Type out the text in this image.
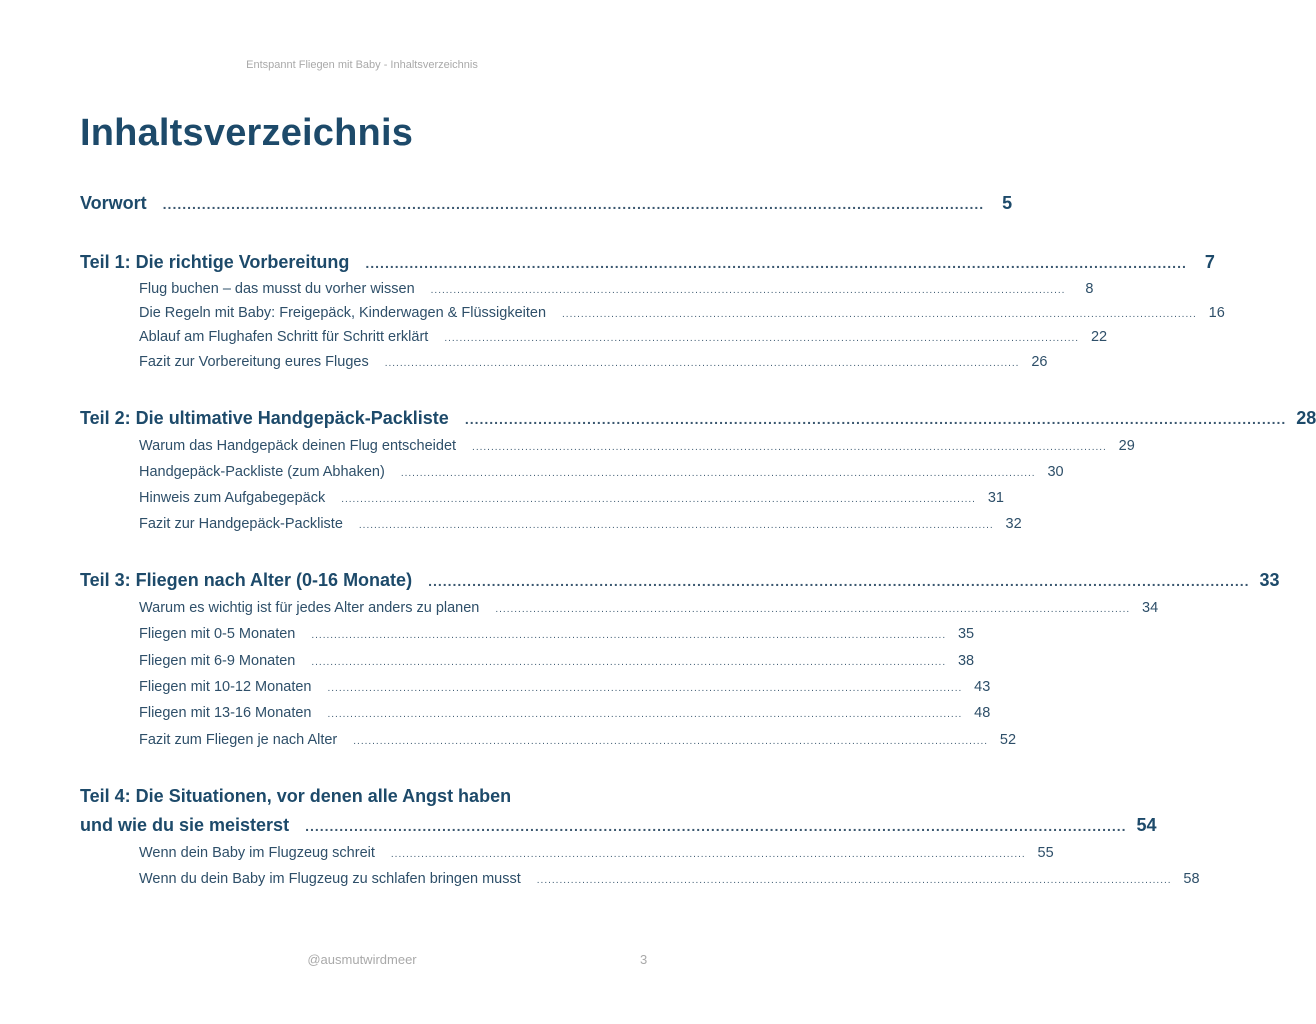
Entspannt Fliegen mit Baby - Inhaltsverzeichnis
Inhaltsverzeichnis
Vorwort ........................................................................................................................................................................ 5
Teil 1: Die richtige Vorbereitung ........................................................................................................................................................................ 7
Flug buchen – das musst du vorher wissen ........................................................................................................................................................................	8
Die Regeln mit Baby: Freigepäck, Kinderwagen & Flüssigkeiten ........................................................................................................................................................................ 16
Ablauf am Flughafen Schritt für Schritt erklärt ........................................................................................................................................................................ 22
Fazit zur Vorbereitung eures Fluges ........................................................................................................................................................................ 26
Teil 2: Die ultimative Handgepäck-Packliste ........................................................................................................................................................................ 28
Warum das Handgepäck deinen Flug entscheidet ........................................................................................................................................................................ 29
Handgepäck-Packliste (zum Abhaken) ........................................................................................................................................................................ 30
Hinweis zum Aufgabegepäck ........................................................................................................................................................................ 31
Fazit zur Handgepäck-Packliste ........................................................................................................................................................................ 32
Teil 3: Fliegen nach Alter (0-16 Monate) ........................................................................................................................................................................ 33
Warum es wichtig ist für jedes Alter anders zu planen ........................................................................................................................................................................ 34
Fliegen mit 0-5 Monaten ........................................................................................................................................................................ 35
Fliegen mit 6-9 Monaten ........................................................................................................................................................................ 38
Fliegen mit 10-12 Monaten ........................................................................................................................................................................ 43
Fliegen mit 13-16 Monaten ........................................................................................................................................................................ 48
Fazit zum Fliegen je nach Alter ........................................................................................................................................................................ 52
Teil 4: Die Situationen, vor denen alle Angst haben
und wie du sie meisterst ........................................................................................................................................................................ 54
Wenn dein Baby im Flugzeug schreit ........................................................................................................................................................................ 55
Wenn du dein Baby im Flugzeug zu schlafen bringen musst ........................................................................................................................................................................ 58
@ausmutwirdmeer	3
